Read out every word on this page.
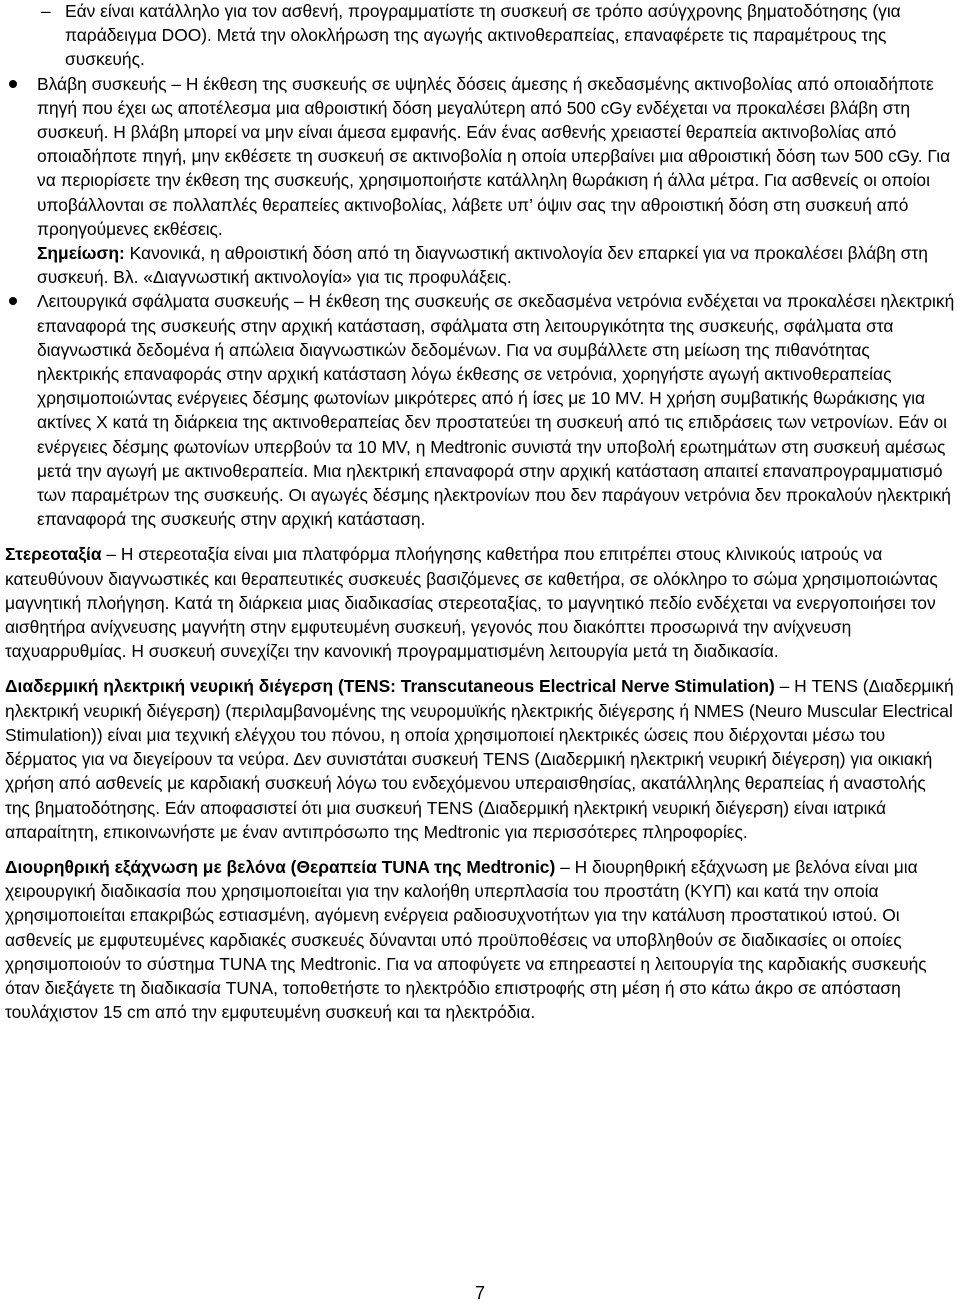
– Εάν είναι κατάλληλο για τον ασθενή, προγραμματίστε τη συσκευή σε τρόπο ασύγχρονης βηματοδότησης (για παράδειγμα DOO). Μετά την ολοκλήρωση της αγωγής ακτινοθεραπείας, επαναφέρετε τις παραμέτρους της συσκευής.

Βλάβη συσκευής – Η έκθεση της συσκευής σε υψηλές δόσεις άμεσης ή σκεδασμένης ακτινοβολίας από οποιαδήποτε πηγή που έχει ως αποτέλεσμα μια αθροιστική δόση μεγαλύτερη από 500 cGy ενδέχεται να προκαλέσει βλάβη στη συσκευή. Η βλάβη μπορεί να μην είναι άμεσα εμφανής. Εάν ένας ασθενής χρειαστεί θεραπεία ακτινοβολίας από οποιαδήποτε πηγή, μην εκθέσετε τη συσκευή σε ακτινοβολία η οποία υπερβαίνει μια αθροιστική δόση των 500 cGy. Για να περιορίσετε την έκθεση της συσκευής, χρησιμοποιήστε κατάλληλη θωράκιση ή άλλα μέτρα. Για ασθενείς οι οποίοι υποβάλλονται σε πολλαπλές θεραπείες ακτινοβολίας, λάβετε υπ’ όψιν σας την αθροιστική δόση στη συσκευή από προηγούμενες εκθέσεις.

Σημείωση: Κανονικά, η αθροιστική δόση από τη διαγνωστική ακτινολογία δεν επαρκεί για να προκαλέσει βλάβη στη συσκευή. Βλ. «Διαγνωστική ακτινολογία» για τις προφυλάξεις.

Λειτουργικά σφάλματα συσκευής – Η έκθεση της συσκευής σε σκεδασμένα νετρόνια ενδέχεται να προκαλέσει ηλεκτρική επαναφορά της συσκευής στην αρχική κατάσταση, σφάλματα στη λειτουργικότητα της συσκευής, σφάλματα στα διαγνωστικά δεδομένα ή απώλεια διαγνωστικών δεδομένων. Για να συμβάλλετε στη μείωση της πιθανότητας ηλεκτρικής επαναφοράς στην αρχική κατάσταση λόγω έκθεσης σε νετρόνια, χορηγήστε αγωγή ακτινοθεραπείας χρησιμοποιώντας ενέργειες δέσμης φωτονίων μικρότερες από ή ίσες με 10 MV. Η χρήση συμβατικής θωράκισης για ακτίνες X κατά τη διάρκεια της ακτινοθεραπείας δεν προστατεύει τη συσκευή από τις επιδράσεις των νετρονίων. Εάν οι ενέργειες δέσμης φωτονίων υπερβούν τα 10 MV, η Medtronic συνιστά την υποβολή ερωτημάτων στη συσκευή αμέσως μετά την αγωγή με ακτινοθεραπεία. Μια ηλεκτρική επαναφορά στην αρχική κατάσταση απαιτεί επαναπρογραμματισμό των παραμέτρων της συσκευής. Οι αγωγές δέσμης ηλεκτρονίων που δεν παράγουν νετρόνια δεν προκαλούν ηλεκτρική επαναφορά της συσκευής στην αρχική κατάσταση.

Στερεοταξία – Η στερεοταξία είναι μια πλατφόρμα πλοήγησης καθετήρα που επιτρέπει στους κλινικούς ιατρούς να κατευθύνουν διαγνωστικές και θεραπευτικές συσκευές βασιζόμενες σε καθετήρα, σε ολόκληρο το σώμα χρησιμοποιώντας μαγνητική πλοήγηση. Κατά τη διάρκεια μιας διαδικασίας στερεοταξίας, το μαγνητικό πεδίο ενδέχεται να ενεργοποιήσει τον αισθητήρα ανίχνευσης μαγνήτη στην εμφυτευμένη συσκευή, γεγονός που διακόπτει προσωρινά την ανίχνευση ταχυαρρυθμίας. Η συσκευή συνεχίζει την κανονική προγραμματισμένη λειτουργία μετά τη διαδικασία.

Διαδερμική ηλεκτρική νευρική διέγερση (TENS: Transcutaneous Electrical Nerve Stimulation) – Η TENS (Διαδερμική ηλεκτρική νευρική διέγερση) (περιλαμβανομένης της νευρομυϊκής ηλεκτρικής διέγερσης ή NMES (Neuro Muscular Electrical Stimulation)) είναι μια τεχνική ελέγχου του πόνου, η οποία χρησιμοποιεί ηλεκτρικές ώσεις που διέρχονται μέσω του δέρματος για να διεγείρουν τα νεύρα. Δεν συνιστάται συσκευή TENS (Διαδερμική ηλεκτρική νευρική διέγερση) για οικιακή χρήση από ασθενείς με καρδιακή συσκευή λόγω του ενδεχόμενου υπεραισθησίας, ακατάλληλης θεραπείας ή αναστολής της βηματοδότησης. Εάν αποφασιστεί ότι μια συσκευή TENS (Διαδερμική ηλεκτρική νευρική διέγερση) είναι ιατρικά απαραίτητη, επικοινωνήστε με έναν αντιπρόσωπο της Medtronic για περισσότερες πληροφορίες.

Διουρηθρική εξάχνωση με βελόνα (Θεραπεία TUNA της Medtronic) – Η διουρηθρική εξάχνωση με βελόνα είναι μια χειρουργική διαδικασία που χρησιμοποιείται για την καλοήθη υπερπλασία του προστάτη (ΚΥΠ) και κατά την οποία χρησιμοποιείται επακριβώς εστιασμένη, αγόμενη ενέργεια ραδιοσυχνοτήτων για την κατάλυση προστατικού ιστού. Οι ασθενείς με εμφυτευμένες καρδιακές συσκευές δύνανται υπό προϋποθέσεις να υποβληθούν σε διαδικασίες οι οποίες χρησιμοποιούν το σύστημα TUNA της Medtronic. Για να αποφύγετε να επηρεαστεί η λειτουργία της καρδιακής συσκευής όταν διεξάγετε τη διαδικασία TUNA, τοποθετήστε το ηλεκτρόδιο επιστροφής στη μέση ή στο κάτω άκρο σε απόσταση τουλάχιστον 15 cm από την εμφυτευμένη συσκευή και τα ηλεκτρόδια.

7
